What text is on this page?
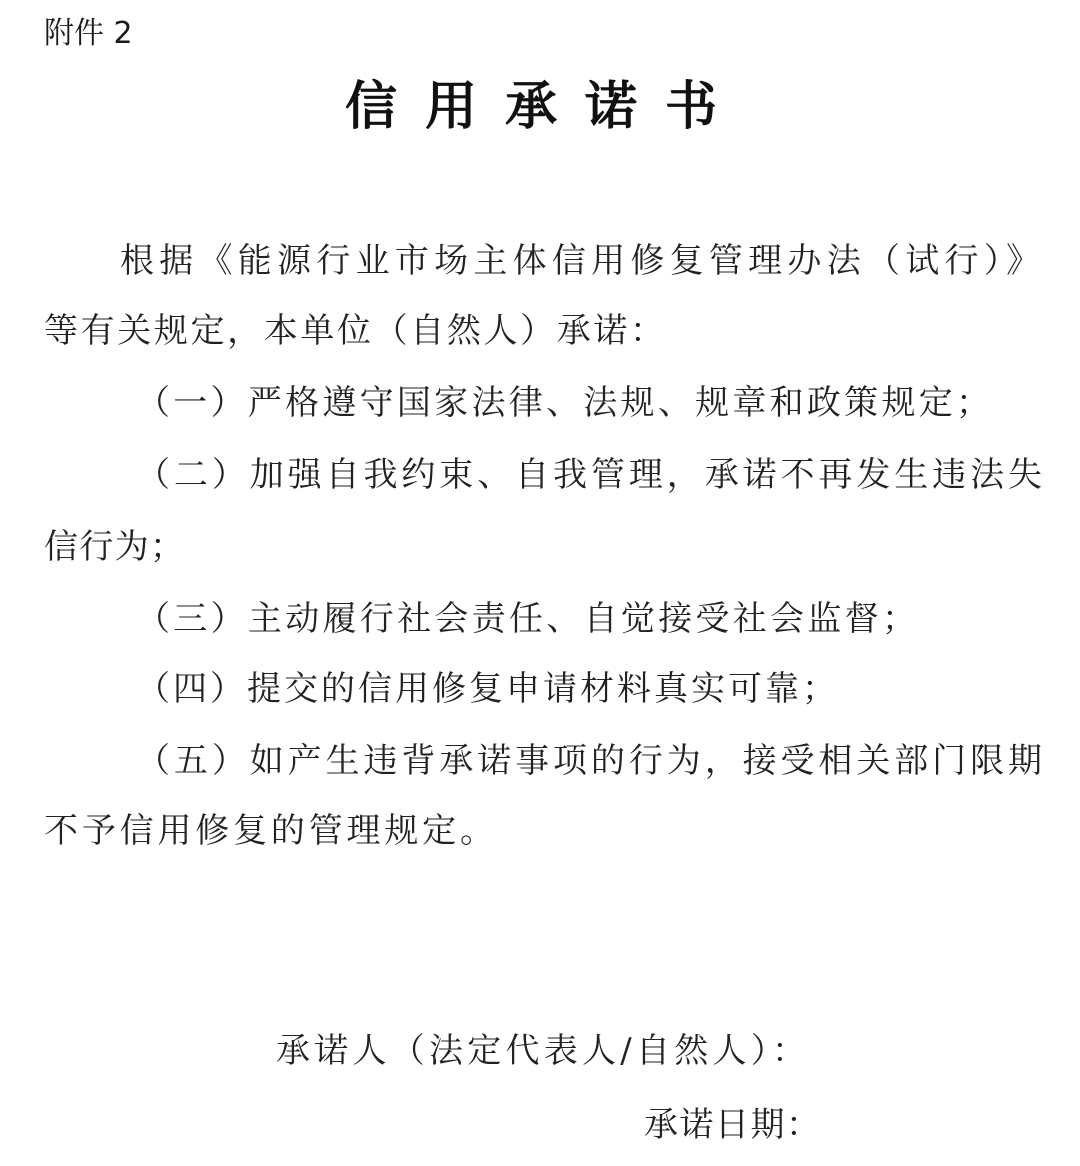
附件 2
信用承诺书
根据《能源行业市场主体信用修复管理办法（试行）》
等有关规定，本单位（自然人）承诺：
（一）严格遵守国家法律、法规、规章和政策规定；
（二）加强自我约束、自我管理，承诺不再发生违法失
信行为；
（三）主动履行社会责任、自觉接受社会监督；
（四）提交的信用修复申请材料真实可靠；
（五）如产生违背承诺事项的行为，接受相关部门限期
不予信用修复的管理规定。
承诺人（法定代表人/自然人）：
承诺日期：
